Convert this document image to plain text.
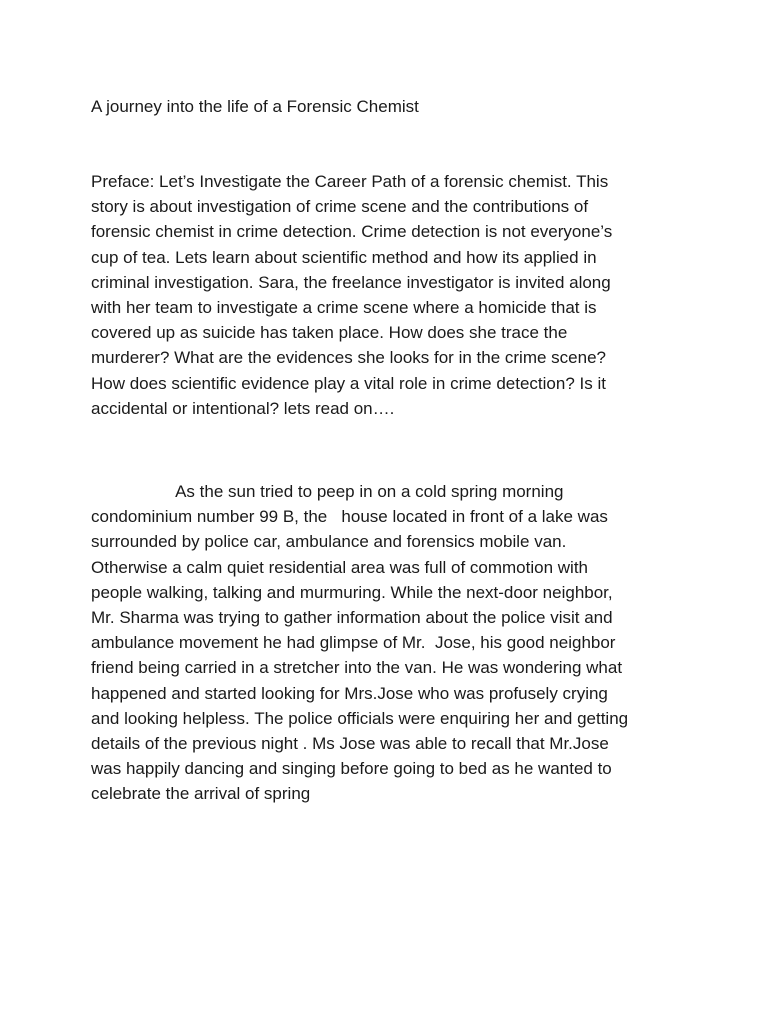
A journey into the life of a Forensic Chemist
Preface: Let’s Investigate the Career Path of a forensic chemist. This
story is about investigation of crime scene and the contributions of
forensic chemist in crime detection. Crime detection is not everyone’s
cup of tea. Lets learn about scientific method and how its applied in
criminal investigation. Sara, the freelance investigator is invited along
with her team to investigate a crime scene where a homicide that is
covered up as suicide has taken place. How does she trace the
murderer? What are the evidences she looks for in the crime scene?
How does scientific evidence play a vital role in crime detection? Is it
accidental or intentional? lets read on….
As the sun tried to peep in on a cold spring morning
condominium number 99 B, the   house located in front of a lake was
surrounded by police car, ambulance and forensics mobile van.
Otherwise a calm quiet residential area was full of commotion with
people walking, talking and murmuring. While the next-door neighbor,
Mr. Sharma was trying to gather information about the police visit and
ambulance movement he had glimpse of Mr.  Jose, his good neighbor
friend being carried in a stretcher into the van. He was wondering what
happened and started looking for Mrs.Jose who was profusely crying
and looking helpless. The police officials were enquiring her and getting
details of the previous night . Ms Jose was able to recall that Mr.Jose
was happily dancing and singing before going to bed as he wanted to
celebrate the arrival of spring
